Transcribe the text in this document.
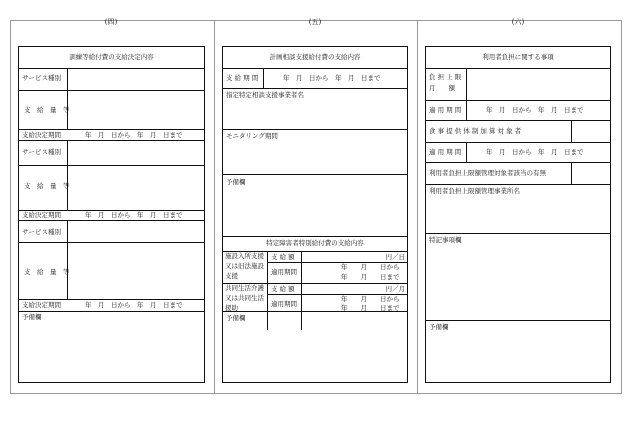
(四)
訓練等給付費の支給決定内容
サービス種別
支　給　量　等
支給決定期間	年　月　日から　年　月　日まで
サービス種別
支　給　量　等
支給決定期間	年　月　日から　年　月　日まで
サービス種別
支　給　量　等
支給決定期間	年　月　日から　年　月　日まで
予備欄
(五)
計画相談支援給付費の支給内容
支 給 期 間	年　月　日から　年　月　日まで
指定特定相談支援事業者名
モニタリング期間
予備欄
特定障害者特別給付費の支給内容
施設入所支援
又は旧法施設
支援
支 給 額	円／日
適用期間
年　　月　　日から
年　　月　　日まで
共同生活介護
又は共同生活
援助
支 給 額	円／月
適用期間
年　　月　　日から
年　　月　　日まで
予備欄
(六)
利用者負担に関する事項
負 担 上 限
月　　額
適 用 期 間	年　月　日から　年　月　日まで
食 事 提 供 体 制 加 算 対 象 者
適 用 期 間	年　月　日から　年　月　日まで
利用者負担上限額管理対象者該当の有無
利用者負担上限額管理事業所名
特記事項欄
予備欄
